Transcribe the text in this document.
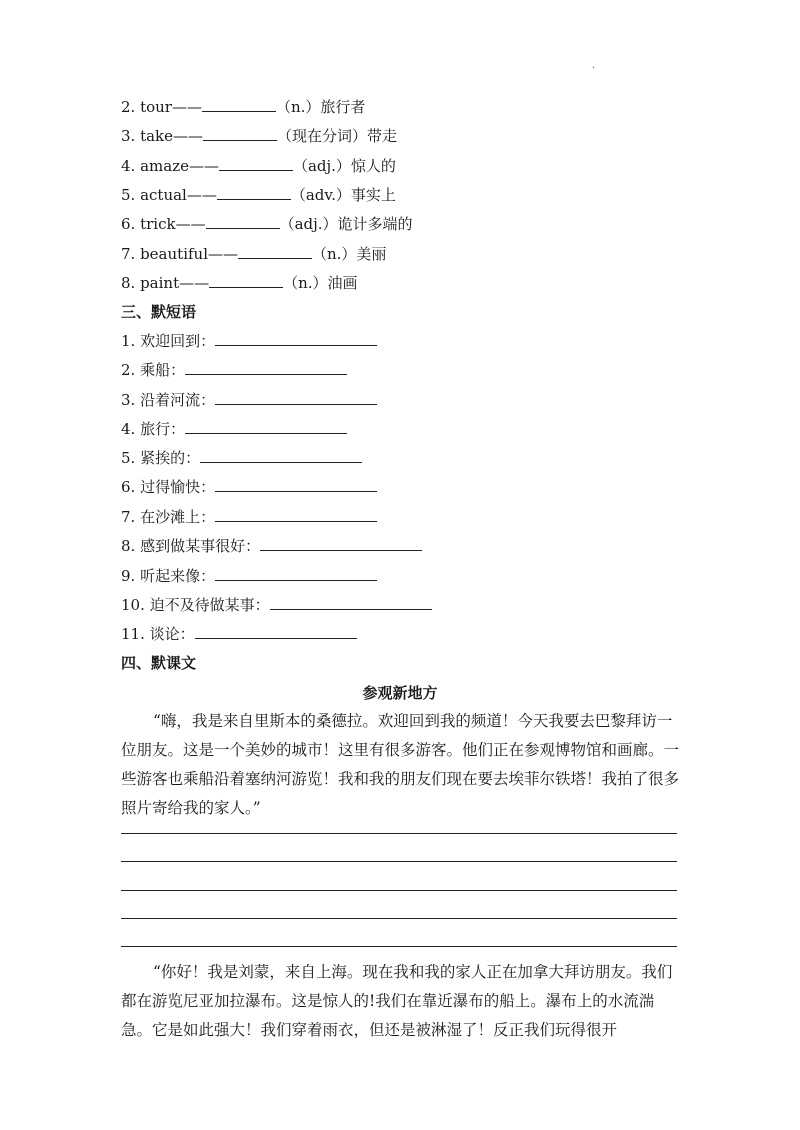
.
2. tour——	（n.）旅行者
3. take——	（现在分词）带走
4. amaze——	（adj.）惊人的
5. actual——	（adv.）事实上
6. trick——	（adj.）诡计多端的
7. beautiful——	（n.）美丽
8. paint——	（n.）油画
三、默短语
1. 欢迎回到：
2. 乘船：
3. 沿着河流：
4. 旅行：
5. 紧挨的：
6. 过得愉快：
7. 在沙滩上：
8. 感到做某事很好：
9. 听起来像：
10. 迫不及待做某事：
11. 谈论：
四、默课文
参观新地方

“嗨，我是来自里斯本的桑德拉。欢迎回到我的频道！今天我要去巴黎拜访一位朋友。这是一个美妙的城市！这里有很多游客。他们正在参观博物馆和画廊。一些游客也乘船沿着塞纳河游览！我和我的朋友们现在要去埃菲尔铁塔！我拍了很多照片寄给我的家人。”

“你好！我是刘蒙，来自上海。现在我和我的家人正在加拿大拜访朋友。我们都在游览尼亚加拉瀑布。这是惊人的!我们在靠近瀑布的船上。瀑布上的水流湍急。它是如此强大！我们穿着雨衣，但还是被淋湿了！反正我们玩得很开
